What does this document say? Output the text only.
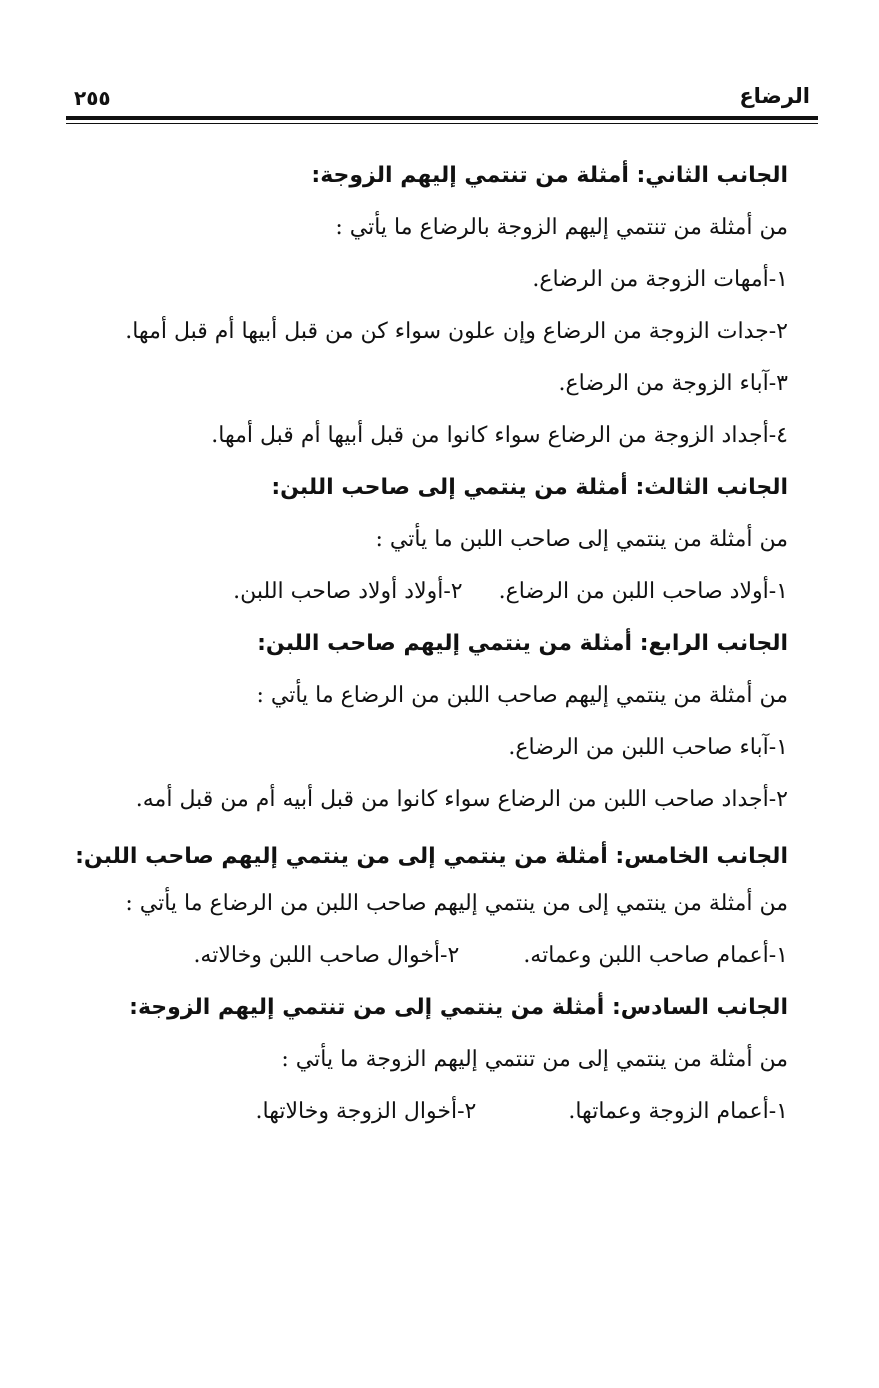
الرضاع
٢٥٥
الجانب الثاني: أمثلة من تنتمي إليهم الزوجة:
من أمثلة من تنتمي إليهم الزوجة بالرضاع ما يأتي :
١-أمهات الزوجة من الرضاع.
٢-جدات الزوجة من الرضاع وإن علون سواء كن من قبل أبيها أم قبل أمها.
٣-آباء الزوجة من الرضاع.
٤-أجداد الزوجة من الرضاع سواء كانوا من قبل أبيها أم قبل أمها.
الجانب الثالث: أمثلة من ينتمي إلى صاحب اللبن:
من أمثلة من ينتمي إلى صاحب اللبن ما يأتي :
١-أولاد صاحب اللبن من الرضاع.٢-أولاد أولاد صاحب اللبن.
الجانب الرابع: أمثلة من ينتمي إليهم صاحب اللبن:
من أمثلة من ينتمي إليهم صاحب اللبن من الرضاع ما يأتي :
١-آباء صاحب اللبن من الرضاع.
٢-أجداد صاحب اللبن من الرضاع سواء كانوا من قبل أبيه أم من قبل أمه.
الجانب الخامس: أمثلة من ينتمي إلى من ينتمي إليهم صاحب اللبن:
من أمثلة من ينتمي إلى من ينتمي إليهم صاحب اللبن من الرضاع ما يأتي :
١-أعمام صاحب اللبن وعماته.٢-أخوال صاحب اللبن وخالاته.
الجانب السادس: أمثلة من ينتمي إلى من تنتمي إليهم الزوجة:
من أمثلة من ينتمي إلى من تنتمي إليهم الزوجة ما يأتي :
١-أعمام الزوجة وعماتها.٢-أخوال الزوجة وخالاتها.
